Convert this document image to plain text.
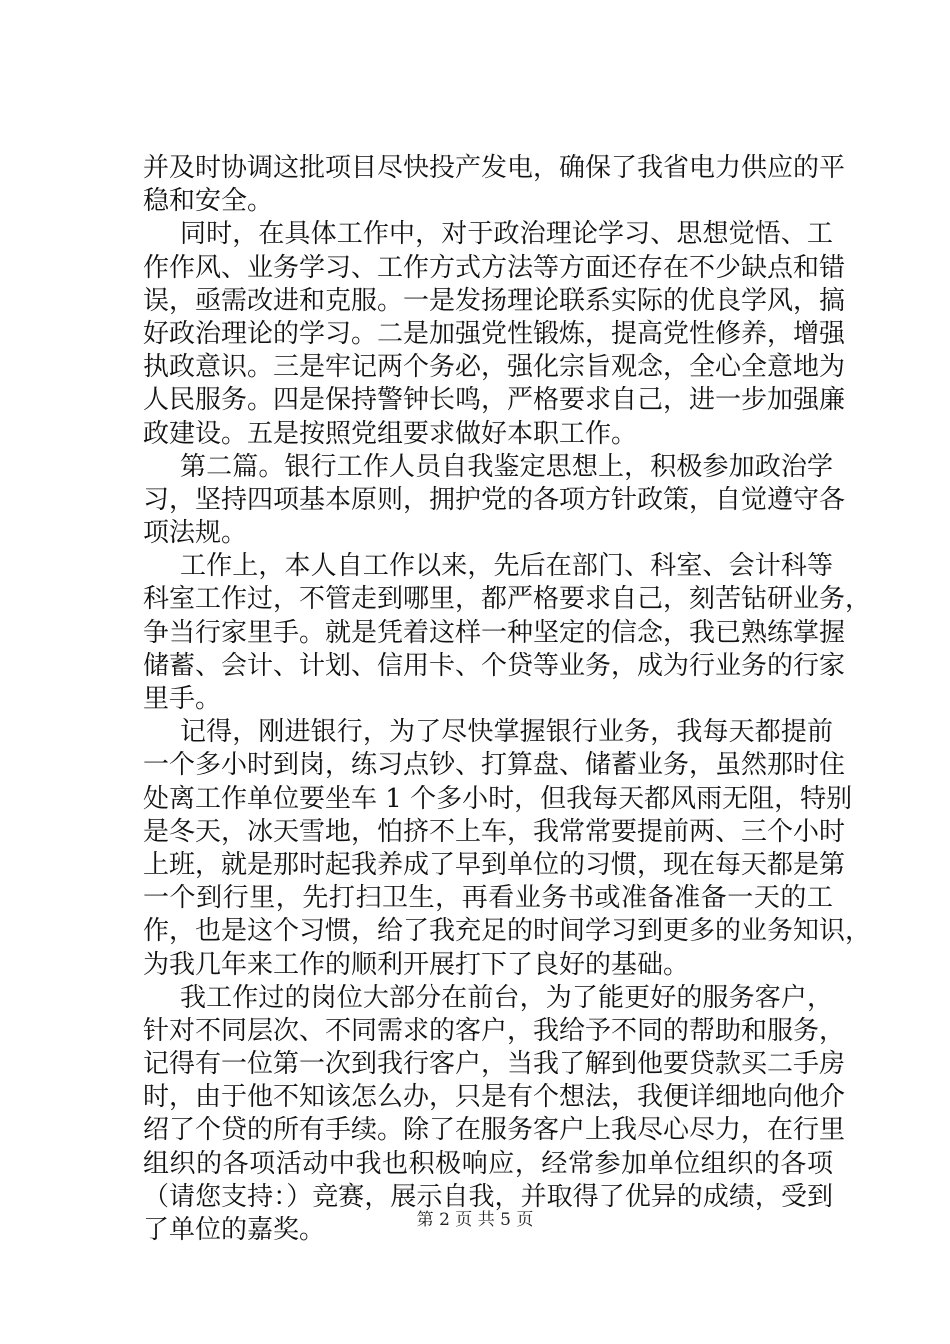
并及时协调这批项目尽快投产发电，确保了我省电力供应的平
稳和安全。
同时，在具体工作中，对于政治理论学习、思想觉悟、工
作作风、业务学习、工作方式方法等方面还存在不少缺点和错
误，亟需改进和克服。一是发扬理论联系实际的优良学风，搞
好政治理论的学习。二是加强党性锻炼，提高党性修养，增强
执政意识。三是牢记两个务必，强化宗旨观念，全心全意地为
人民服务。四是保持警钟长鸣，严格要求自己，进一步加强廉
政建设。五是按照党组要求做好本职工作。
第二篇。银行工作人员自我鉴定思想上，积极参加政治学
习，坚持四项基本原则，拥护党的各项方针政策，自觉遵守各
项法规。
工作上，本人自工作以来，先后在部门、科室、会计科等
科室工作过，不管走到哪里，都严格要求自己，刻苦钻研业务，
争当行家里手。就是凭着这样一种坚定的信念，我已熟练掌握
储蓄、会计、计划、信用卡、个贷等业务，成为行业务的行家
里手。
记得，刚进银行，为了尽快掌握银行业务，我每天都提前
一个多小时到岗，练习点钞、打算盘、储蓄业务，虽然那时住
处离工作单位要坐车 1 个多小时，但我每天都风雨无阻，特别
是冬天，冰天雪地，怕挤不上车，我常常要提前两、三个小时
上班，就是那时起我养成了早到单位的习惯，现在每天都是第
一个到行里，先打扫卫生，再看业务书或准备准备一天的工
作，也是这个习惯，给了我充足的时间学习到更多的业务知识，
为我几年来工作的顺利开展打下了良好的基础。
我工作过的岗位大部分在前台，为了能更好的服务客户，
针对不同层次、不同需求的客户，我给予不同的帮助和服务，
记得有一位第一次到我行客户，当我了解到他要贷款买二手房
时，由于他不知该怎么办，只是有个想法，我便详细地向他介
绍了个贷的所有手续。除了在服务客户上我尽心尽力，在行里
组织的各项活动中我也积极响应，经常参加单位组织的各项
（请您支持：）竞赛，展示自我，并取得了优异的成绩，受到
了单位的嘉奖。	第 2 页 共 5 页
